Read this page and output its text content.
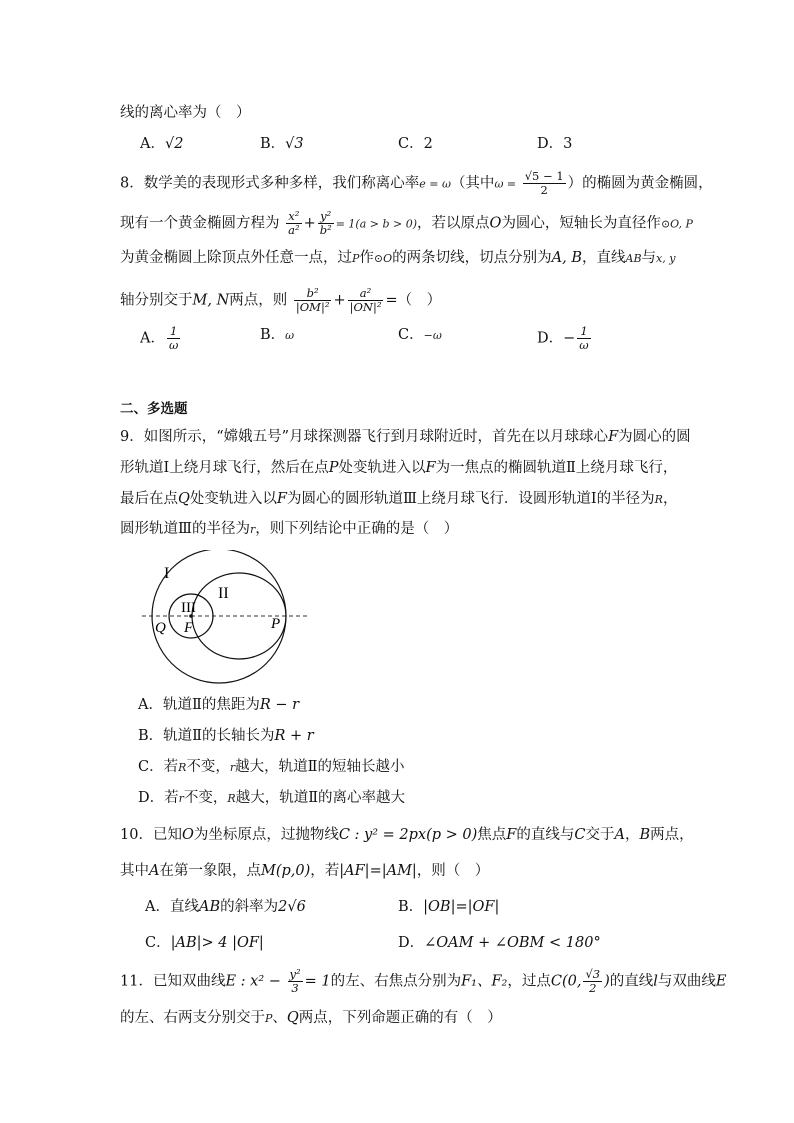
线的离心率为（　）
A．√2	B．√3	C．2	D．3
8．数学美的表现形式多种多样，我们称离心率e = ω（其中$\omega = \frac{√5 - 1}{2}$ ）的椭圆为黄金椭圆，
现有一个黄金椭圆方程为 $\frac{\text{x²}}{\text{a²}} + \frac{\text{y²}}{\text{b²}} = 1(a > b > 0)$，若以原点O为圆心，短轴长为直径作⊙O, P
为黄金椭圆上除顶点外任意一点，过P作⊙O的两条切线，切点分别为A, B，直线AB与x, y
轴分别交于M, N两点，则 $\frac{\text{b²}}{\text{|OM|²}} + \frac{\text{a²}}{\text{|ON|²}}$ =（　）
A． $\frac{1}{\omega}$	B．ω	C．−ω	D．− $\frac{1}{\omega}$
二、多选题
9．如图所示，“嫦娥五号”月球探测器飞行到月球附近时，首先在以月球球心F为圆心的圆
形轨道Ⅰ上绕月球飞行，然后在点P处变轨进入以F为一焦点的椭圆轨道Ⅱ上绕月球飞行，
最后在点Q处变轨进入以F为圆心的圆形轨道Ⅲ上绕月球飞行．设圆形轨道Ⅰ的半径为R，
圆形轨道Ⅲ的半径为r，则下列结论中正确的是（　）
I
II
III
F
Q	P
A．轨道Ⅱ的焦距为R − r
B．轨道Ⅱ的长轴长为R + r
C．若R不变，r越大，轨道Ⅱ的短轴长越小
D．若r不变，R越大，轨道Ⅱ的离心率越大
10．已知O为坐标原点，过抛物线C : y² = 2px(p > 0)焦点F的直线与C交于A，B两点，
其中A在第一象限，点M(p,0)，若|AF|=|AM|，则（　）
A．直线AB的斜率为2√6	B．|OB|=|OF|
C．|AB|> 4 |OF|	D．∠OAM + ∠OBM < 180°
11．已知双曲线E : $x^2 - \frac{\text{y²}}{3} = 1$的左、右焦点分别为F₁、F₂，过点C(0, $\frac{√3}{2}$ )的直线l与双曲线E
的左、右两支分别交于P、Q两点，下列命题正确的有（　）
